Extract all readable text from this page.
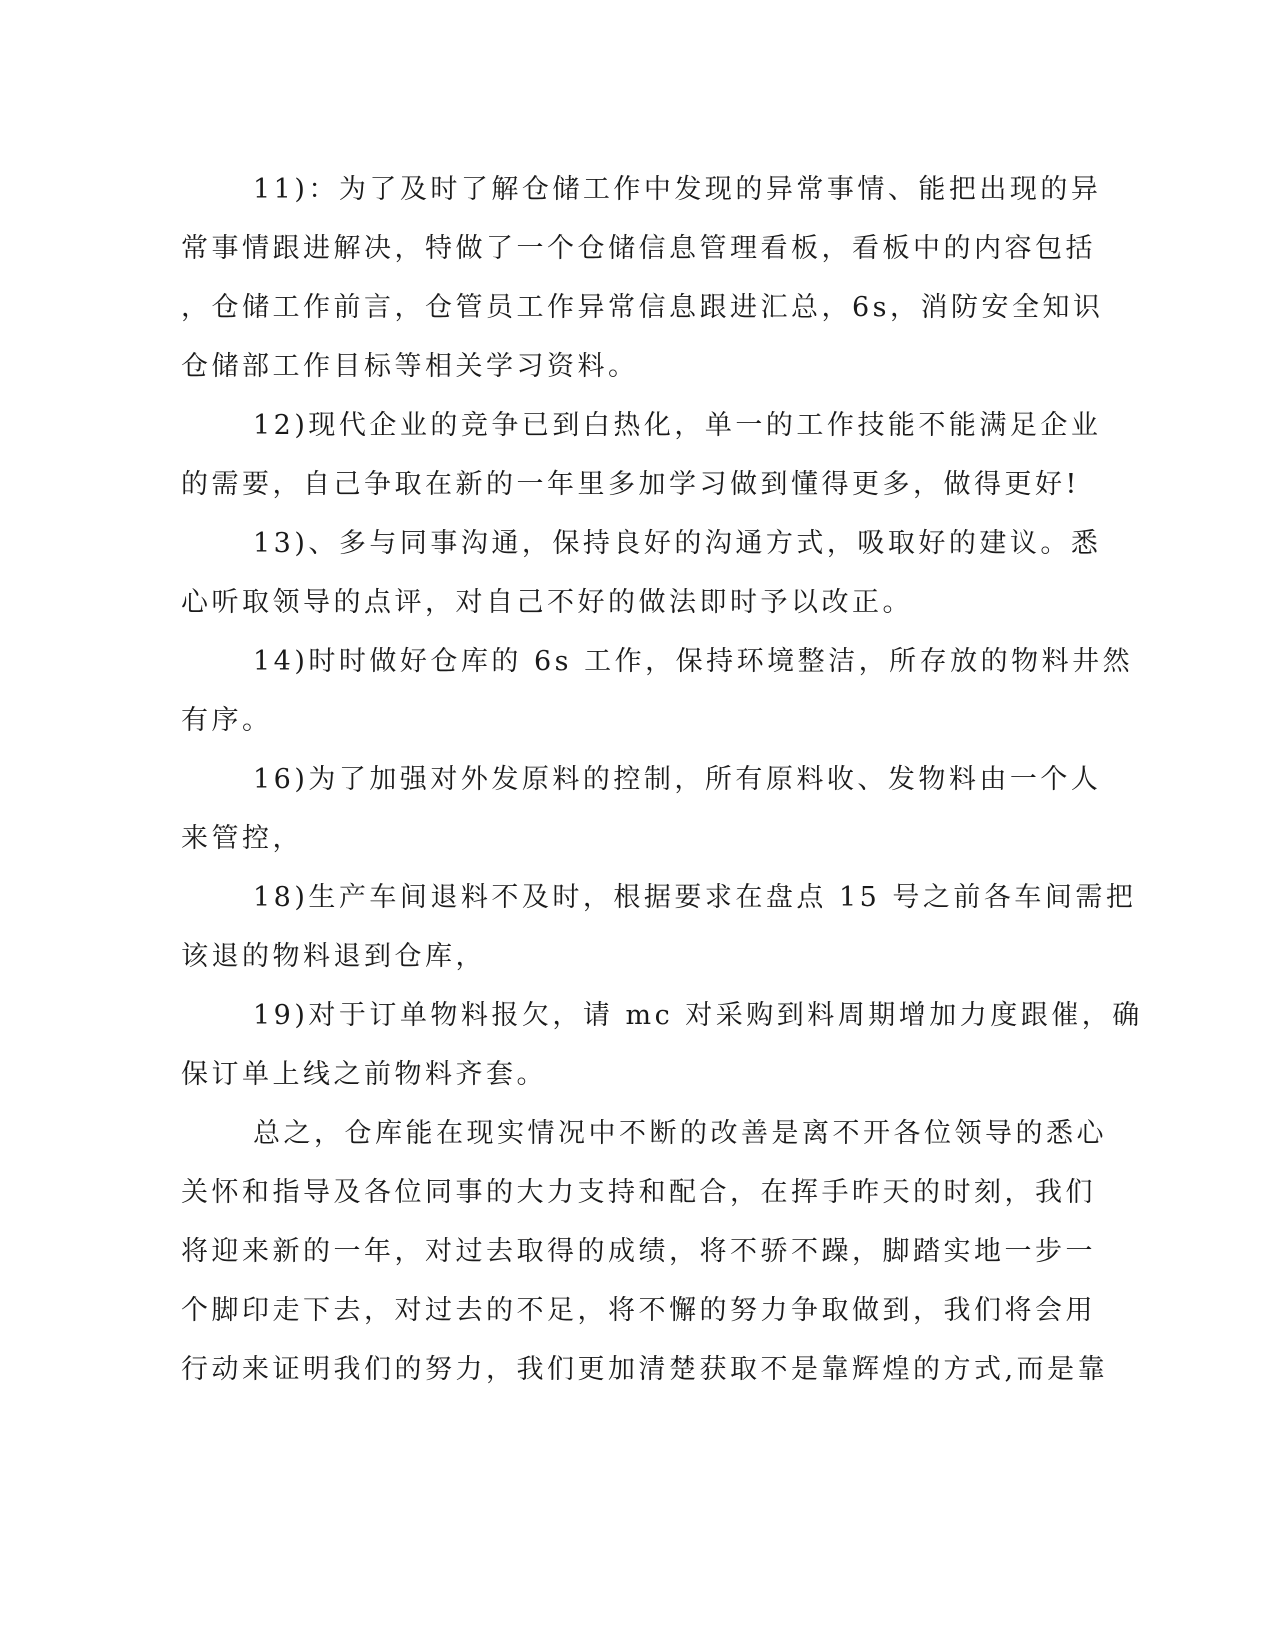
11)：为了及时了解仓储工作中发现的异常事情、能把出现的异
常事情跟进解决，特做了一个仓储信息管理看板，看板中的内容包括
，仓储工作前言，仓管员工作异常信息跟进汇总，6s，消防安全知识
仓储部工作目标等相关学习资料。
12)现代企业的竞争已到白热化，单一的工作技能不能满足企业
的需要，自己争取在新的一年里多加学习做到懂得更多，做得更好!
13)、多与同事沟通，保持良好的沟通方式，吸取好的建议。悉
心听取领导的点评，对自己不好的做法即时予以改正。
14)时时做好仓库的 6s 工作，保持环境整洁，所存放的物料井然
有序。
16)为了加强对外发原料的控制，所有原料收、发物料由一个人
来管控，
18)生产车间退料不及时，根据要求在盘点 15 号之前各车间需把
该退的物料退到仓库，
19)对于订单物料报欠，请 mc 对采购到料周期增加力度跟催，确
保订单上线之前物料齐套。
总之，仓库能在现实情况中不断的改善是离不开各位领导的悉心
关怀和指导及各位同事的大力支持和配合，在挥手昨天的时刻，我们
将迎来新的一年，对过去取得的成绩，将不骄不躁，脚踏实地一步一
个脚印走下去，对过去的不足，将不懈的努力争取做到，我们将会用
行动来证明我们的努力，我们更加清楚获取不是靠辉煌的方式,而是靠
